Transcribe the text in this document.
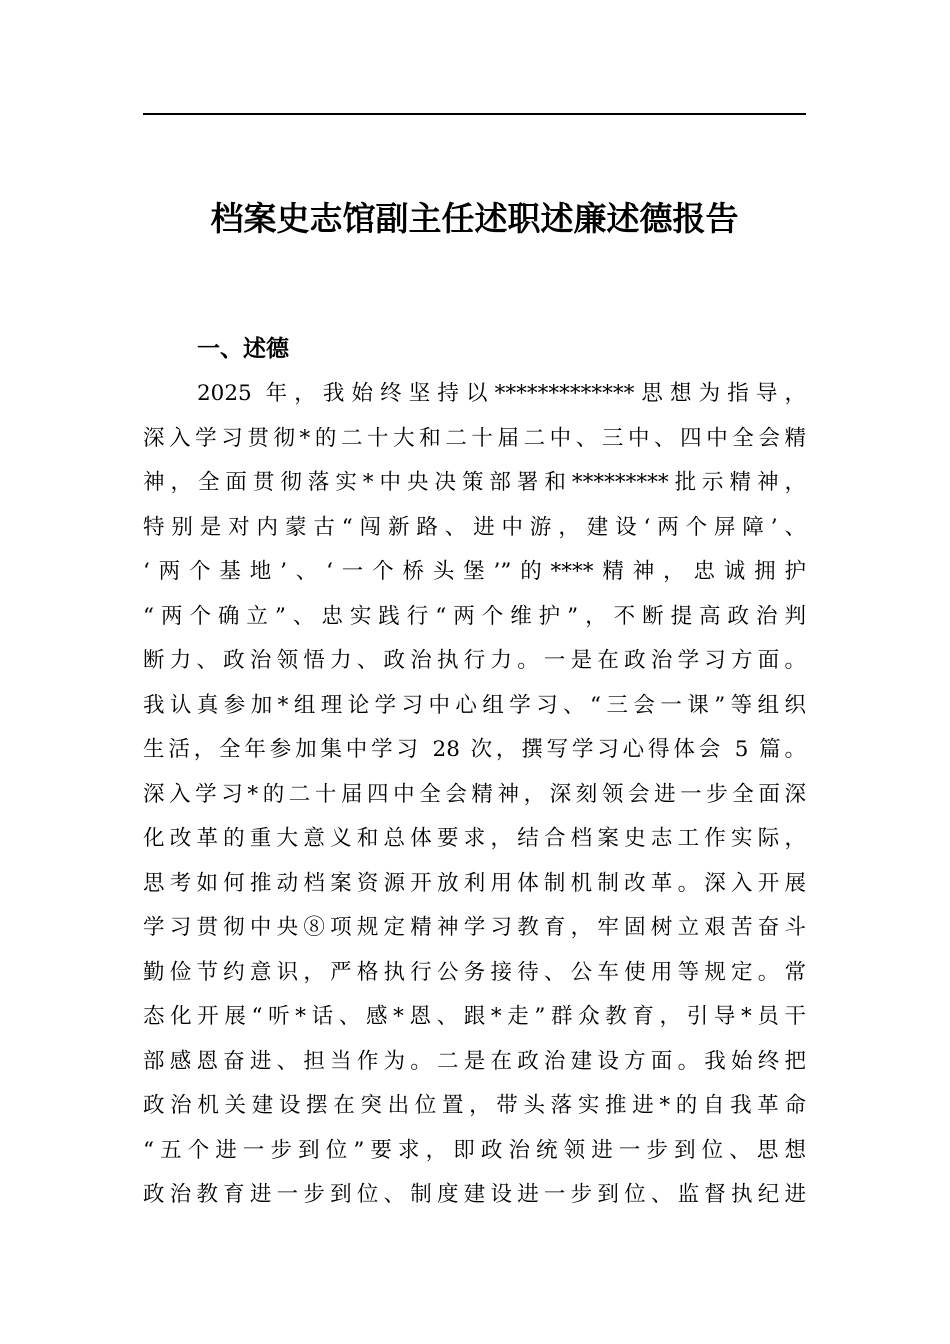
档案史志馆副主任述职述廉述德报告
一、述德
2025 年，我始终坚持以*************思想为指导，
深入学习贯彻*的二十大和二十届二中、三中、四中全会精
神，全面贯彻落实*中央决策部署和*********批示精神，
特别是对内蒙古“闯新路、进中游，建设‘两个屏障’、
‘两个基地’、‘一个桥头堡’”的****精神，忠诚拥护
“两个确立”、忠实践行“两个维护”，不断提高政治判
断力、政治领悟力、政治执行力。一是在政治学习方面。
我认真参加*组理论学习中心组学习、“三会一课”等组织
生活，全年参加集中学习 28 次，撰写学习心得体会 5 篇。
深入学习*的二十届四中全会精神，深刻领会进一步全面深
化改革的重大意义和总体要求，结合档案史志工作实际，
思考如何推动档案资源开放利用体制机制改革。深入开展
学习贯彻中央⑧项规定精神学习教育，牢固树立艰苦奋斗
勤俭节约意识，严格执行公务接待、公车使用等规定。常
态化开展“听*话、感*恩、跟*走”群众教育，引导*员干
部感恩奋进、担当作为。二是在政治建设方面。我始终把
政治机关建设摆在突出位置，带头落实推进*的自我革命
“五个进一步到位”要求，即政治统领进一步到位、思想
政治教育进一步到位、制度建设进一步到位、监督执纪进
